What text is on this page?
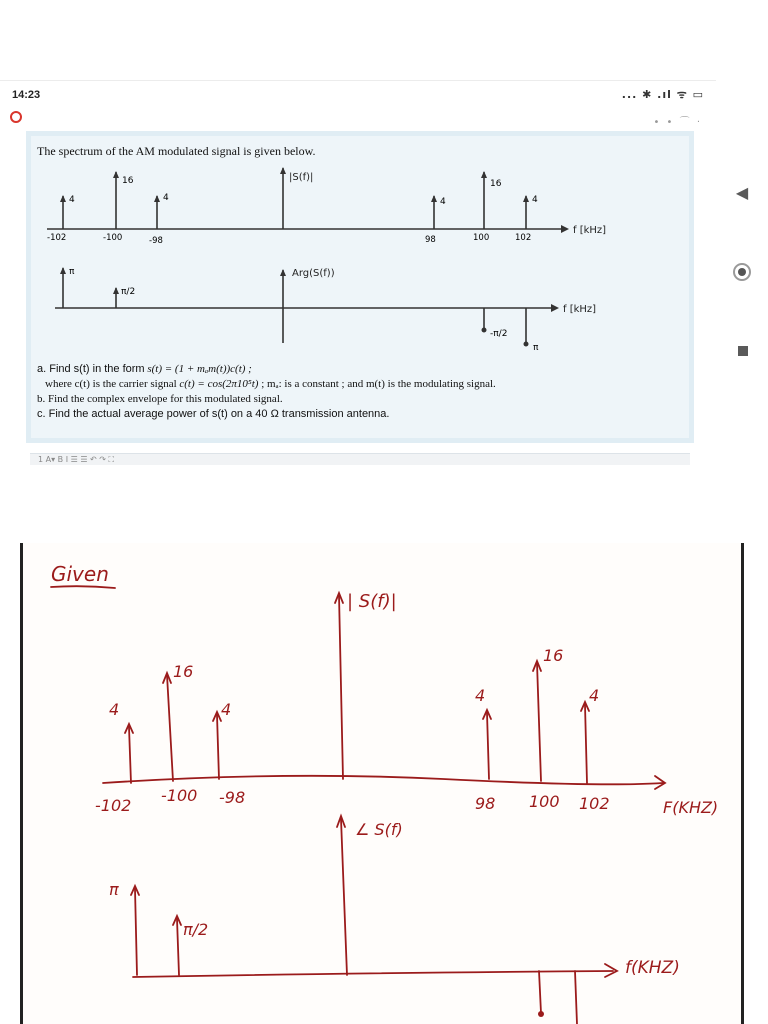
14:23	... ✱ .ıl ᯤ ▭
• • ⌒ ·
The spectrum of the AM modulated signal is given below.
f [kHz]
|S(f)|
4
16
4	4
16
4
-102	-100	-98	98	100	102
f [kHz]
Arg(S(f))
π
π/2
-π/2
π
a. Find s(t) in the form s(t) = (1 + mₐm(t))c(t) ;
where c(t) is the carrier signal c(t) = cos(2π10⁵t) ; mₐ: is a constant ; and m(t) is the modulating signal.
b. Find the complex envelope for this modulated signal.
c. Find the actual average power of s(t) on a 40 Ω transmission antenna.
1 A▾ B I ☰ ☰ ↶ ↷ ⛶
◀
Given
| S(f)|
4
16
4
4
16
4
-102
-100 -98	98 100 102	F(KHZ)
∠ S(f)
π
π/2
f(KHZ)
